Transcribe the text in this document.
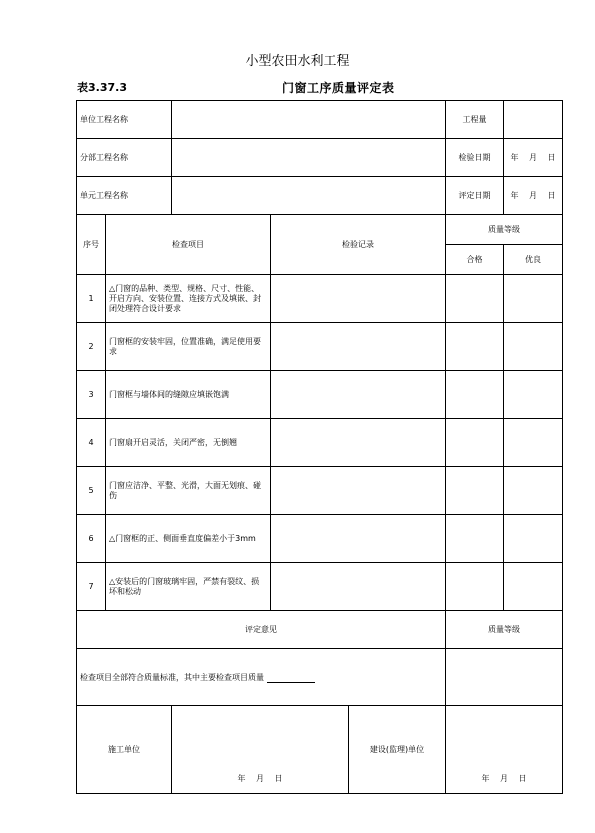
小型农田水利工程
表3.37.3	门窗工序质量评定表
单位工程名称					工程量	
分部工程名称					检验日期	年　 月　 日
单元工程名称					评定日期	年　 月　 日
序号	检查项目		检验记录		质量等级	
					合格	优良
1	△门窗的品种、类型、规格、尺寸、性能、开启方向、安装位置、连接方式及填嵌、封闭处理符合设计要求					
2	门窗框的安装牢固，位置准确，满足使用要求					
3	门窗框与墙体间的缝隙应填嵌饱满					
4	门窗扇开启灵活，关闭严密，无倒翘					
5	门窗应洁净、平整、光滑，大面无划痕、碰伤					
6	△门窗框的正、侧面垂直度偏差小于3mm					
7	△安装后的门窗玻璃牢固，严禁有裂纹、损坏和松动					
评定意见					质量等级	
检查项目全部符合质量标准，其中主要检查项目质量						
施工单位		年　 月　 日		建设(监理)单位	年　 月　 日	
